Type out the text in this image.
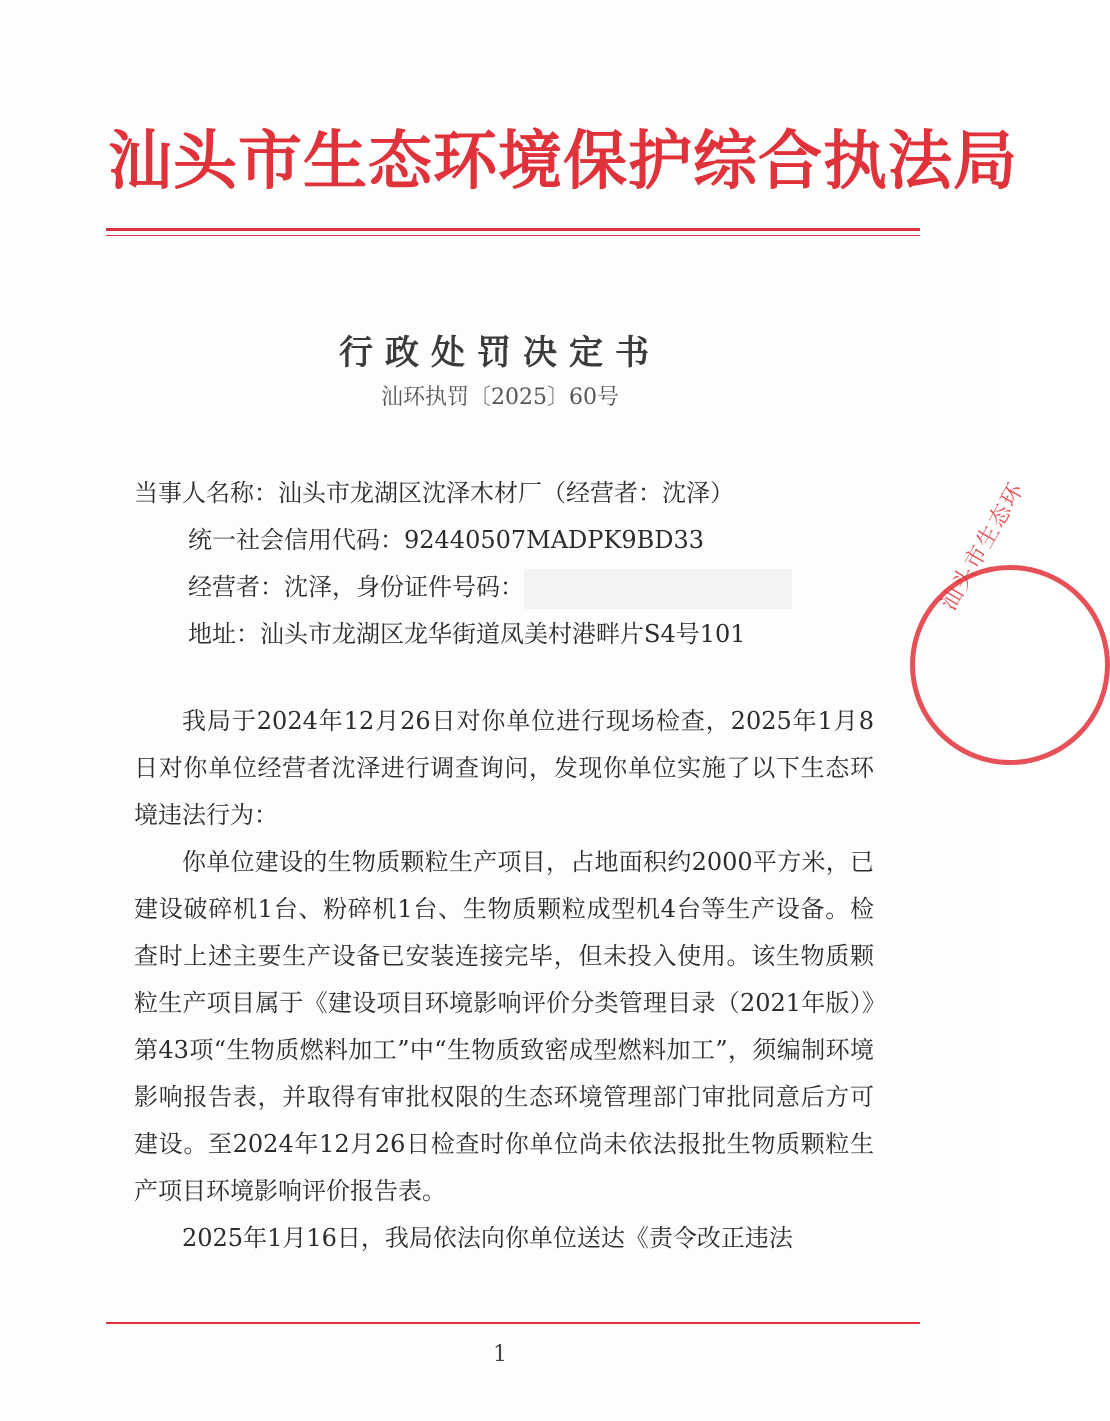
汕头市生态环境保护综合执法局
行政处罚决定书
汕环执罚〔2025〕60号
当事人名称：汕头市龙湖区沈泽木材厂（经营者：沈泽）
统一社会信用代码：92440507MADPK9BD33
经营者：沈泽，身份证件号码：
地址：汕头市龙湖区龙华街道凤美村港畔片S4号101

我局于2024年12月26日对你单位进行现场检查，2025年1月8日对你单位经营者沈泽进行调查询问，发现你单位实施了以下生态环境违法行为：

你单位建设的生物质颗粒生产项目，占地面积约2000平方米，已建设破碎机1台、粉碎机1台、生物质颗粒成型机4台等生产设备。检查时上述主要生产设备已安装连接完毕，但未投入使用。该生物质颗粒生产项目属于《建设项目环境影响评价分类管理目录（2021年版）》第43项“生物质燃料加工”中“生物质致密成型燃料加工”，须编制环境影响报告表，并取得有审批权限的生态环境管理部门审批同意后方可建设。至2024年12月26日检查时你单位尚未依法报批生物质颗粒生产项目环境影响评价报告表。

2025年1月16日，我局依法向你单位送达《责令改正违法

汕头市生态环
1
